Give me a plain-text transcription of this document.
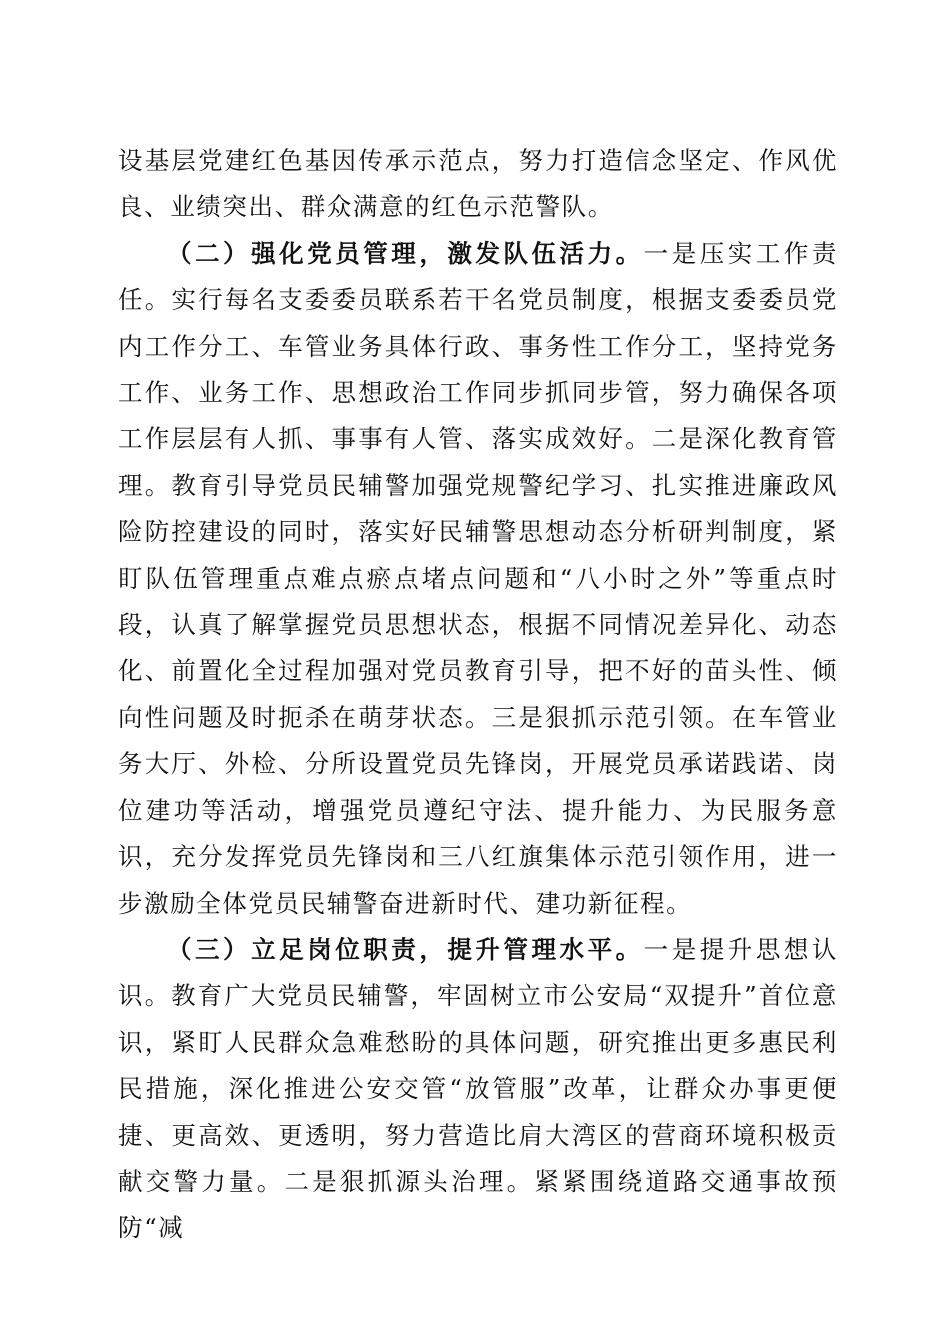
设基层党建红色基因传承示范点，努力打造信念坚定、作风优良、业绩突出、群众满意的红色示范警队。

（二）强化党员管理，激发队伍活力。一是压实工作责任。实行每名支委委员联系若干名党员制度，根据支委委员党内工作分工、车管业务具体行政、事务性工作分工，坚持党务工作、业务工作、思想政治工作同步抓同步管，努力确保各项工作层层有人抓、事事有人管、落实成效好。二是深化教育管理。教育引导党员民辅警加强党规警纪学习、扎实推进廉政风险防控建设的同时，落实好民辅警思想动态分析研判制度，紧盯队伍管理重点难点瘀点堵点问题和“八小时之外”等重点时段，认真了解掌握党员思想状态，根据不同情况差异化、动态化、前置化全过程加强对党员教育引导，把不好的苗头性、倾向性问题及时扼杀在萌芽状态。三是狠抓示范引领。在车管业务大厅、外检、分所设置党员先锋岗，开展党员承诺践诺、岗位建功等活动，增强党员遵纪守法、提升能力、为民服务意识，充分发挥党员先锋岗和三八红旗集体示范引领作用，进一步激励全体党员民辅警奋进新时代、建功新征程。

（三）立足岗位职责，提升管理水平。一是提升思想认识。教育广大党员民辅警，牢固树立市公安局“双提升”首位意识，紧盯人民群众急难愁盼的具体问题，研究推出更多惠民利民措施，深化推进公安交管“放管服”改革，让群众办事更便捷、更高效、更透明，努力营造比肩大湾区的营商环境积极贡献交警力量。二是狠抓源头治理。紧紧围绕道路交通事故预防“减
